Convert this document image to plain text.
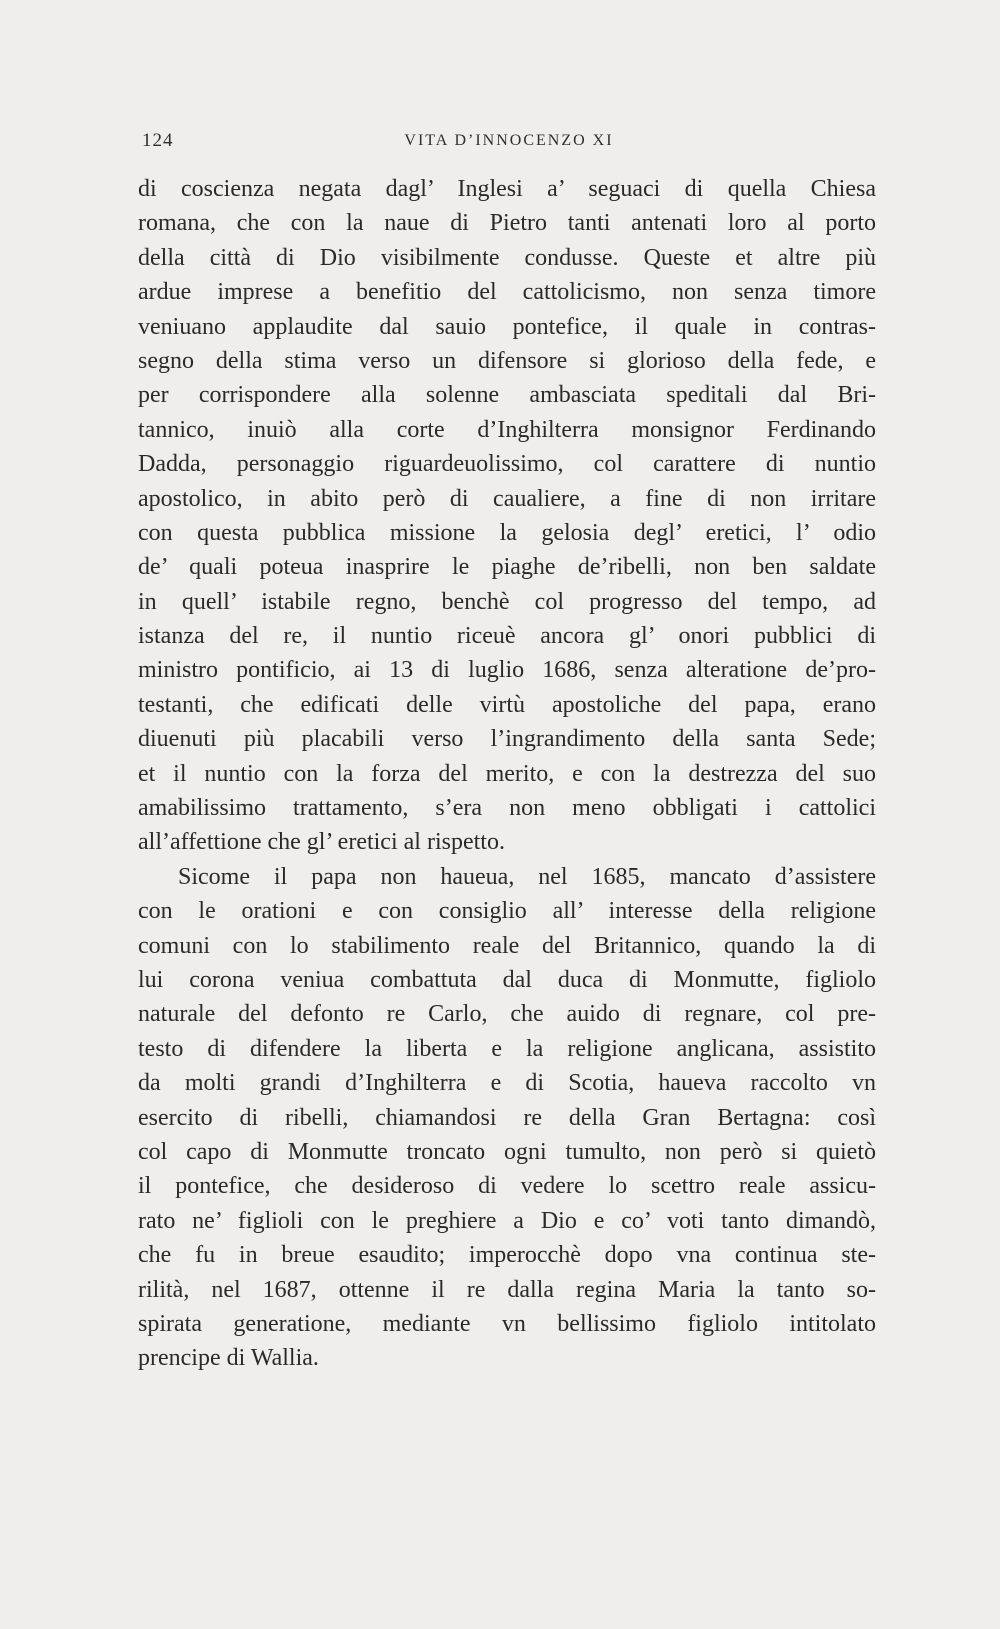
124	VITA D’INNOCENZO XI
di coscienza negata dagl’ Inglesi a’ seguaci di quella Chiesa
romana, che con la naue di Pietro tanti antenati loro al porto
della città di Dio visibilmente condusse. Queste et altre più
ardue imprese a benefitio del cattolicismo, non senza timore
veniuano applaudite dal sauio pontefice, il quale in contras-
segno della stima verso un difensore si glorioso della fede, e
per corrispondere alla solenne ambasciata speditali dal Bri-
tannico, inuiò alla corte d’Inghilterra monsignor Ferdinando
Dadda, personaggio riguardeuolissimo, col carattere di nuntio
apostolico, in abito però di caualiere, a fine di non irritare
con questa pubblica missione la gelosia degl’ eretici, l’ odio
de’ quali poteua inasprire le piaghe de’ribelli, non ben saldate
in quell’ istabile regno, benchè col progresso del tempo, ad
istanza del re, il nuntio riceuè ancora gl’ onori pubblici di
ministro pontificio, ai 13 di luglio 1686, senza alteratione de’pro-
testanti, che edificati delle virtù apostoliche del papa, erano
diuenuti più placabili verso l’ingrandimento della santa Sede;
et il nuntio con la forza del merito, e con la destrezza del suo
amabilissimo trattamento, s’era non meno obbligati i cattolici
all’affettione che gl’ eretici al rispetto.
Sicome il papa non haueua, nel 1685, mancato d’assistere
con le orationi e con consiglio all’ interesse della religione
comuni con lo stabilimento reale del Britannico, quando la di
lui corona veniua combattuta dal duca di Monmutte, figliolo
naturale del defonto re Carlo, che auido di regnare, col pre-
testo di difendere la liberta e la religione anglicana, assistito
da molti grandi d’Inghilterra e di Scotia, haueva raccolto vn
esercito di ribelli, chiamandosi re della Gran Bertagna: così
col capo di Monmutte troncato ogni tumulto, non però si quietò
il pontefice, che desideroso di vedere lo scettro reale assicu-
rato ne’ figlioli con le preghiere a Dio e co’ voti tanto dimandò,
che fu in breue esaudito; imperocchè dopo vna continua ste-
rilità, nel 1687, ottenne il re dalla regina Maria la tanto so-
spirata generatione, mediante vn bellissimo figliolo intitolato
prencipe di Wallia.
